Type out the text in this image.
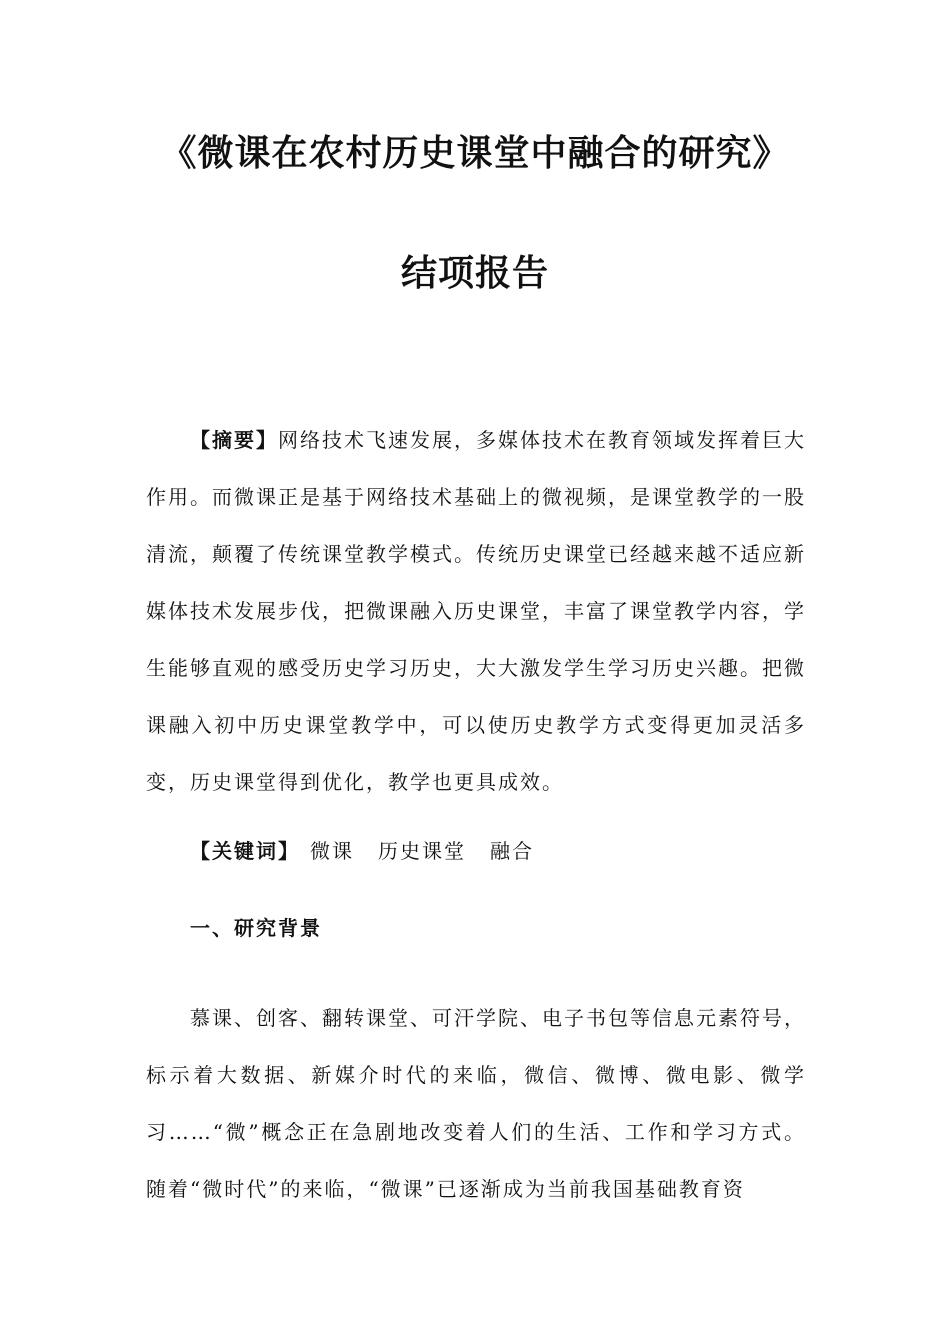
《微课在农村历史课堂中融合的研究》
结项报告
【摘要】网络技术飞速发展，多媒体技术在教育领域发挥着巨大作用。而微课正是基于网络技术基础上的微视频，是课堂教学的一股清流，颠覆了传统课堂教学模式。传统历史课堂已经越来越不适应新媒体技术发展步伐，把微课融入历史课堂，丰富了课堂教学内容，学生能够直观的感受历史学习历史，大大激发学生学习历史兴趣。把微课融入初中历史课堂教学中，可以使历史教学方式变得更加灵活多变，历史课堂得到优化，教学也更具成效。
【关键词】 微课 历史课堂 融合
一、研究背景
慕课、创客、翻转课堂、可汗学院、电子书包等信息元素符号，标示着大数据、新媒介时代的来临，微信、微博、微电影、微学习……“微”概念正在急剧地改变着人们的生活、工作和学习方式。随着“微时代”的来临，“微课”已逐渐成为当前我国基础教育资
